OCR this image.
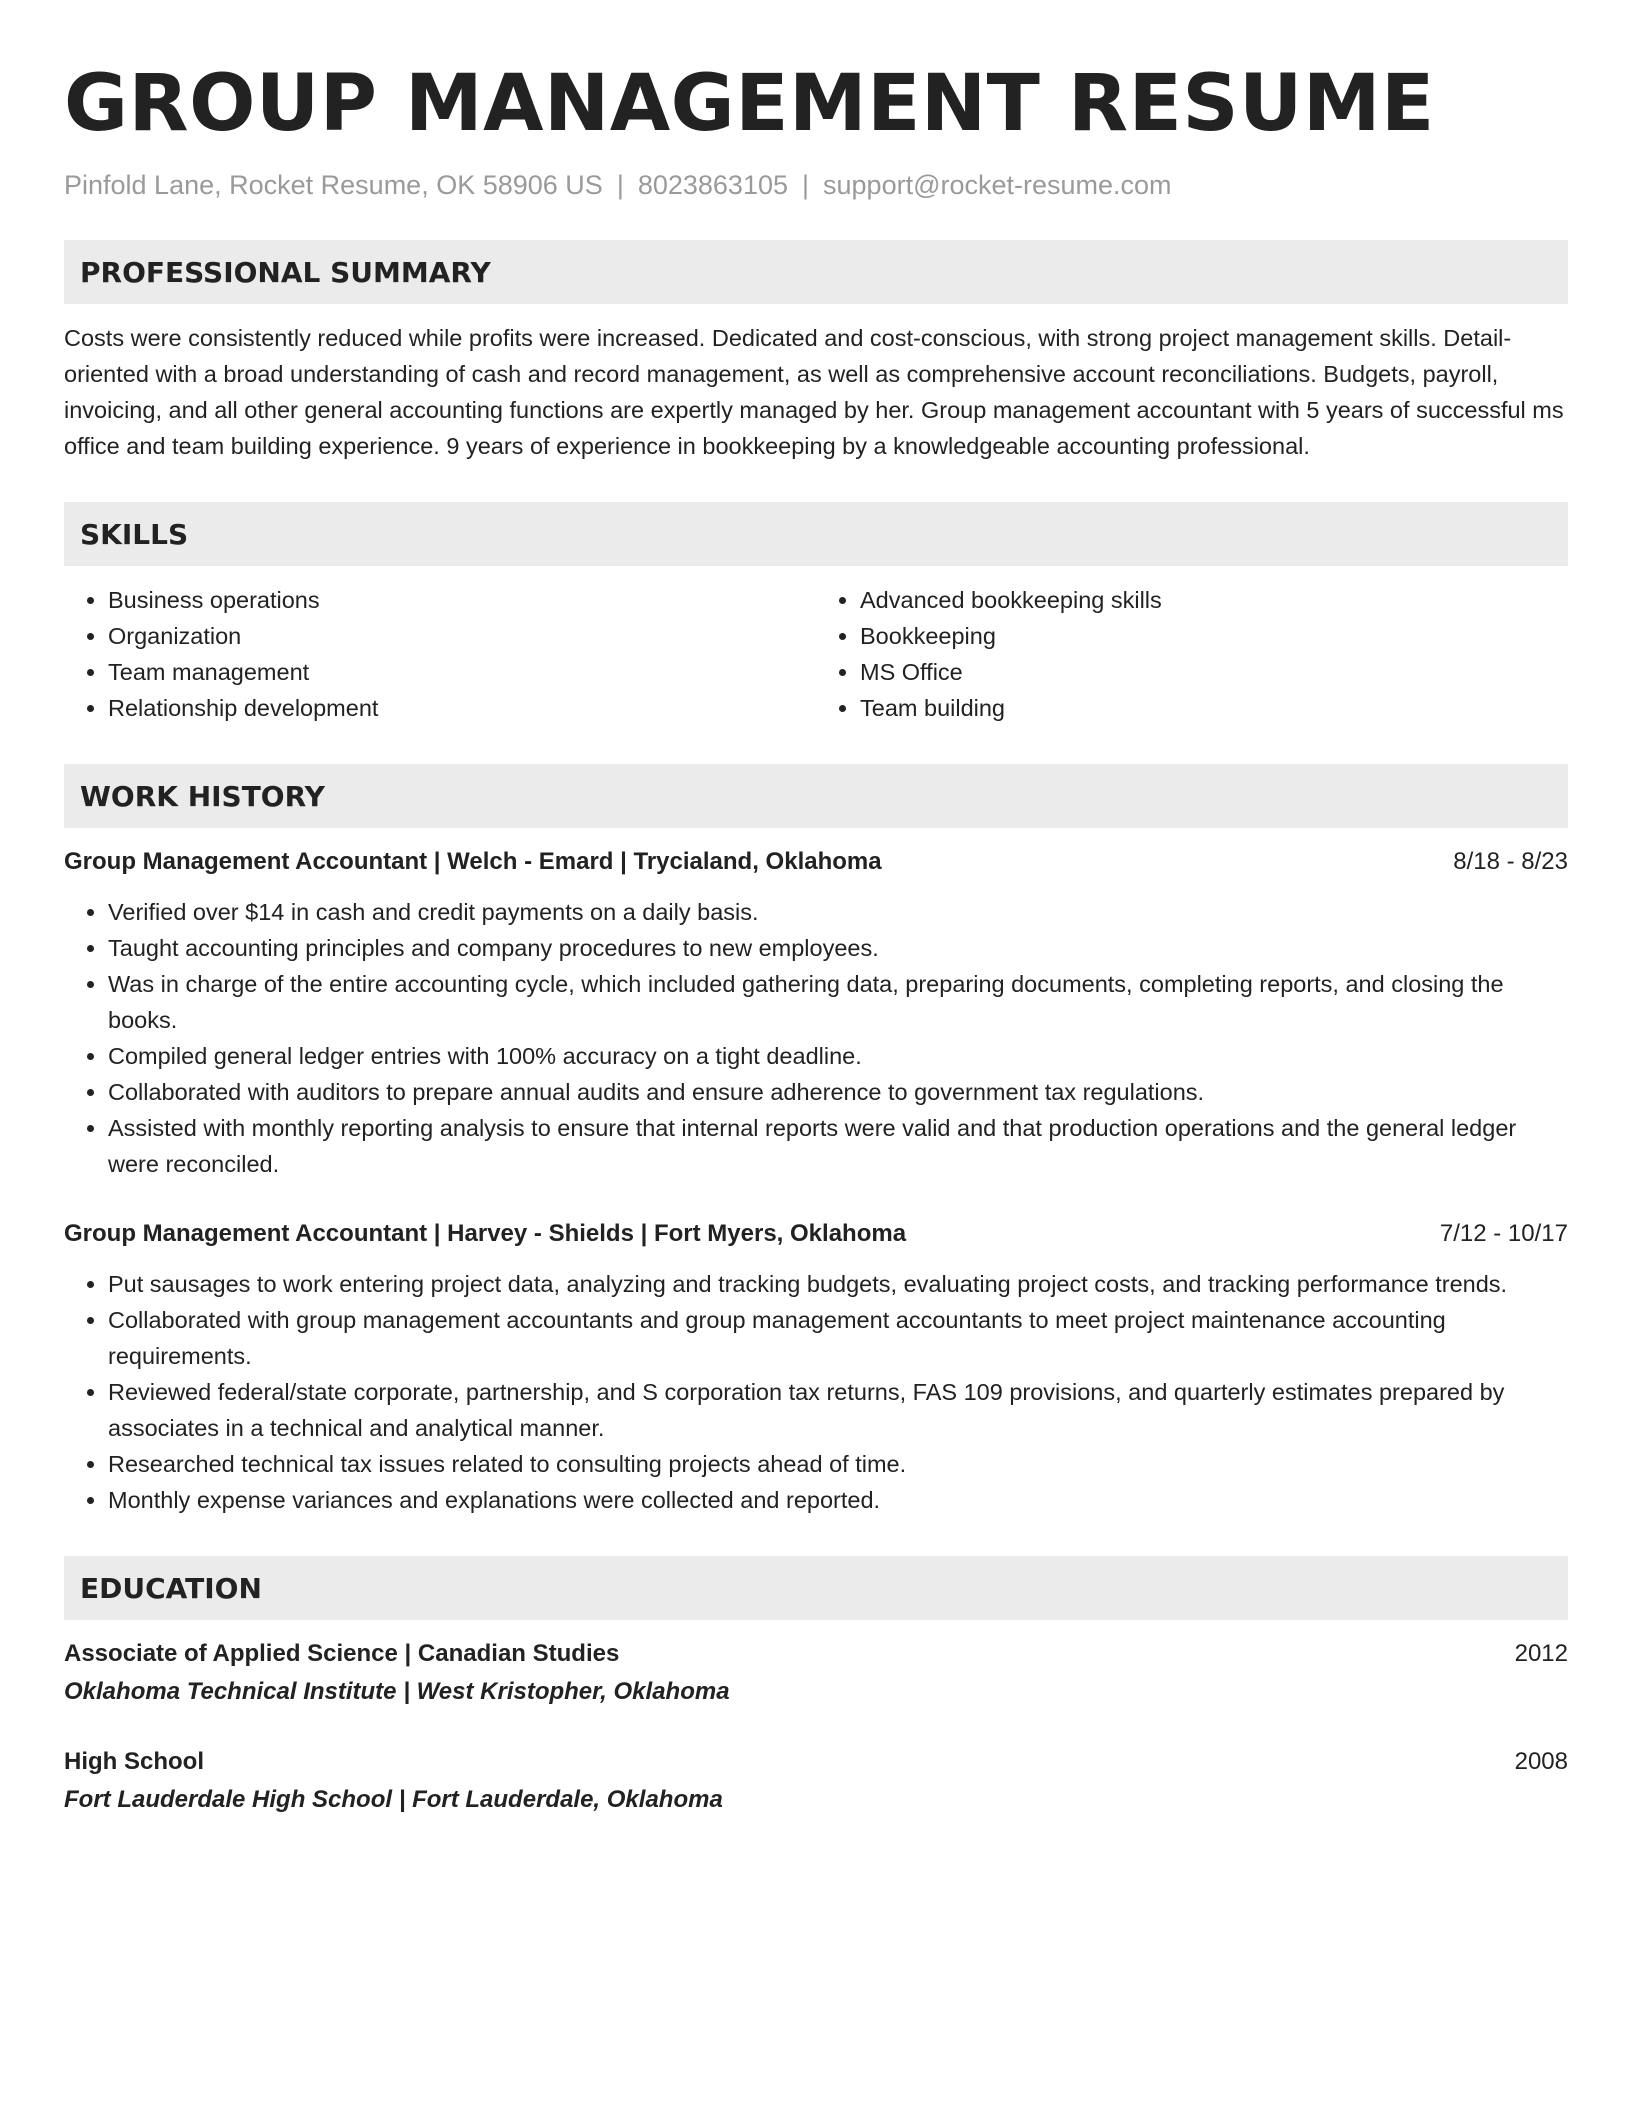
GROUP MANAGEMENT RESUME
Pinfold Lane, Rocket Resume, OK 58906 US | 8023863105 | support@rocket-resume.com
PROFESSIONAL SUMMARY
Costs were consistently reduced while profits were increased. Dedicated and cost-conscious, with strong project management skills. Detail-oriented with a broad understanding of cash and record management, as well as comprehensive account reconciliations. Budgets, payroll, invoicing, and all other general accounting functions are expertly managed by her. Group management accountant with 5 years of successful ms office and team building experience. 9 years of experience in bookkeeping by a knowledgeable accounting professional.
SKILLS
• Business operations
• Organization
• Team management
• Relationship development
• Advanced bookkeeping skills
• Bookkeeping
• MS Office
• Team building
WORK HISTORY
Group Management Accountant | Welch - Emard | Trycialand, Oklahoma	8/18 - 8/23
• Verified over $14 in cash and credit payments on a daily basis.
• Taught accounting principles and company procedures to new employees.
• Was in charge of the entire accounting cycle, which included gathering data, preparing documents, completing reports, and closing the books.
• Compiled general ledger entries with 100% accuracy on a tight deadline.
• Collaborated with auditors to prepare annual audits and ensure adherence to government tax regulations.
• Assisted with monthly reporting analysis to ensure that internal reports were valid and that production operations and the general ledger were reconciled.
Group Management Accountant | Harvey - Shields | Fort Myers, Oklahoma	7/12 - 10/17
• Put sausages to work entering project data, analyzing and tracking budgets, evaluating project costs, and tracking performance trends.
• Collaborated with group management accountants and group management accountants to meet project maintenance accounting requirements.
• Reviewed federal/state corporate, partnership, and S corporation tax returns, FAS 109 provisions, and quarterly estimates prepared by associates in a technical and analytical manner.
• Researched technical tax issues related to consulting projects ahead of time.
• Monthly expense variances and explanations were collected and reported.
EDUCATION
Associate of Applied Science | Canadian Studies	2012
Oklahoma Technical Institute | West Kristopher, Oklahoma
High School	2008
Fort Lauderdale High School | Fort Lauderdale, Oklahoma
